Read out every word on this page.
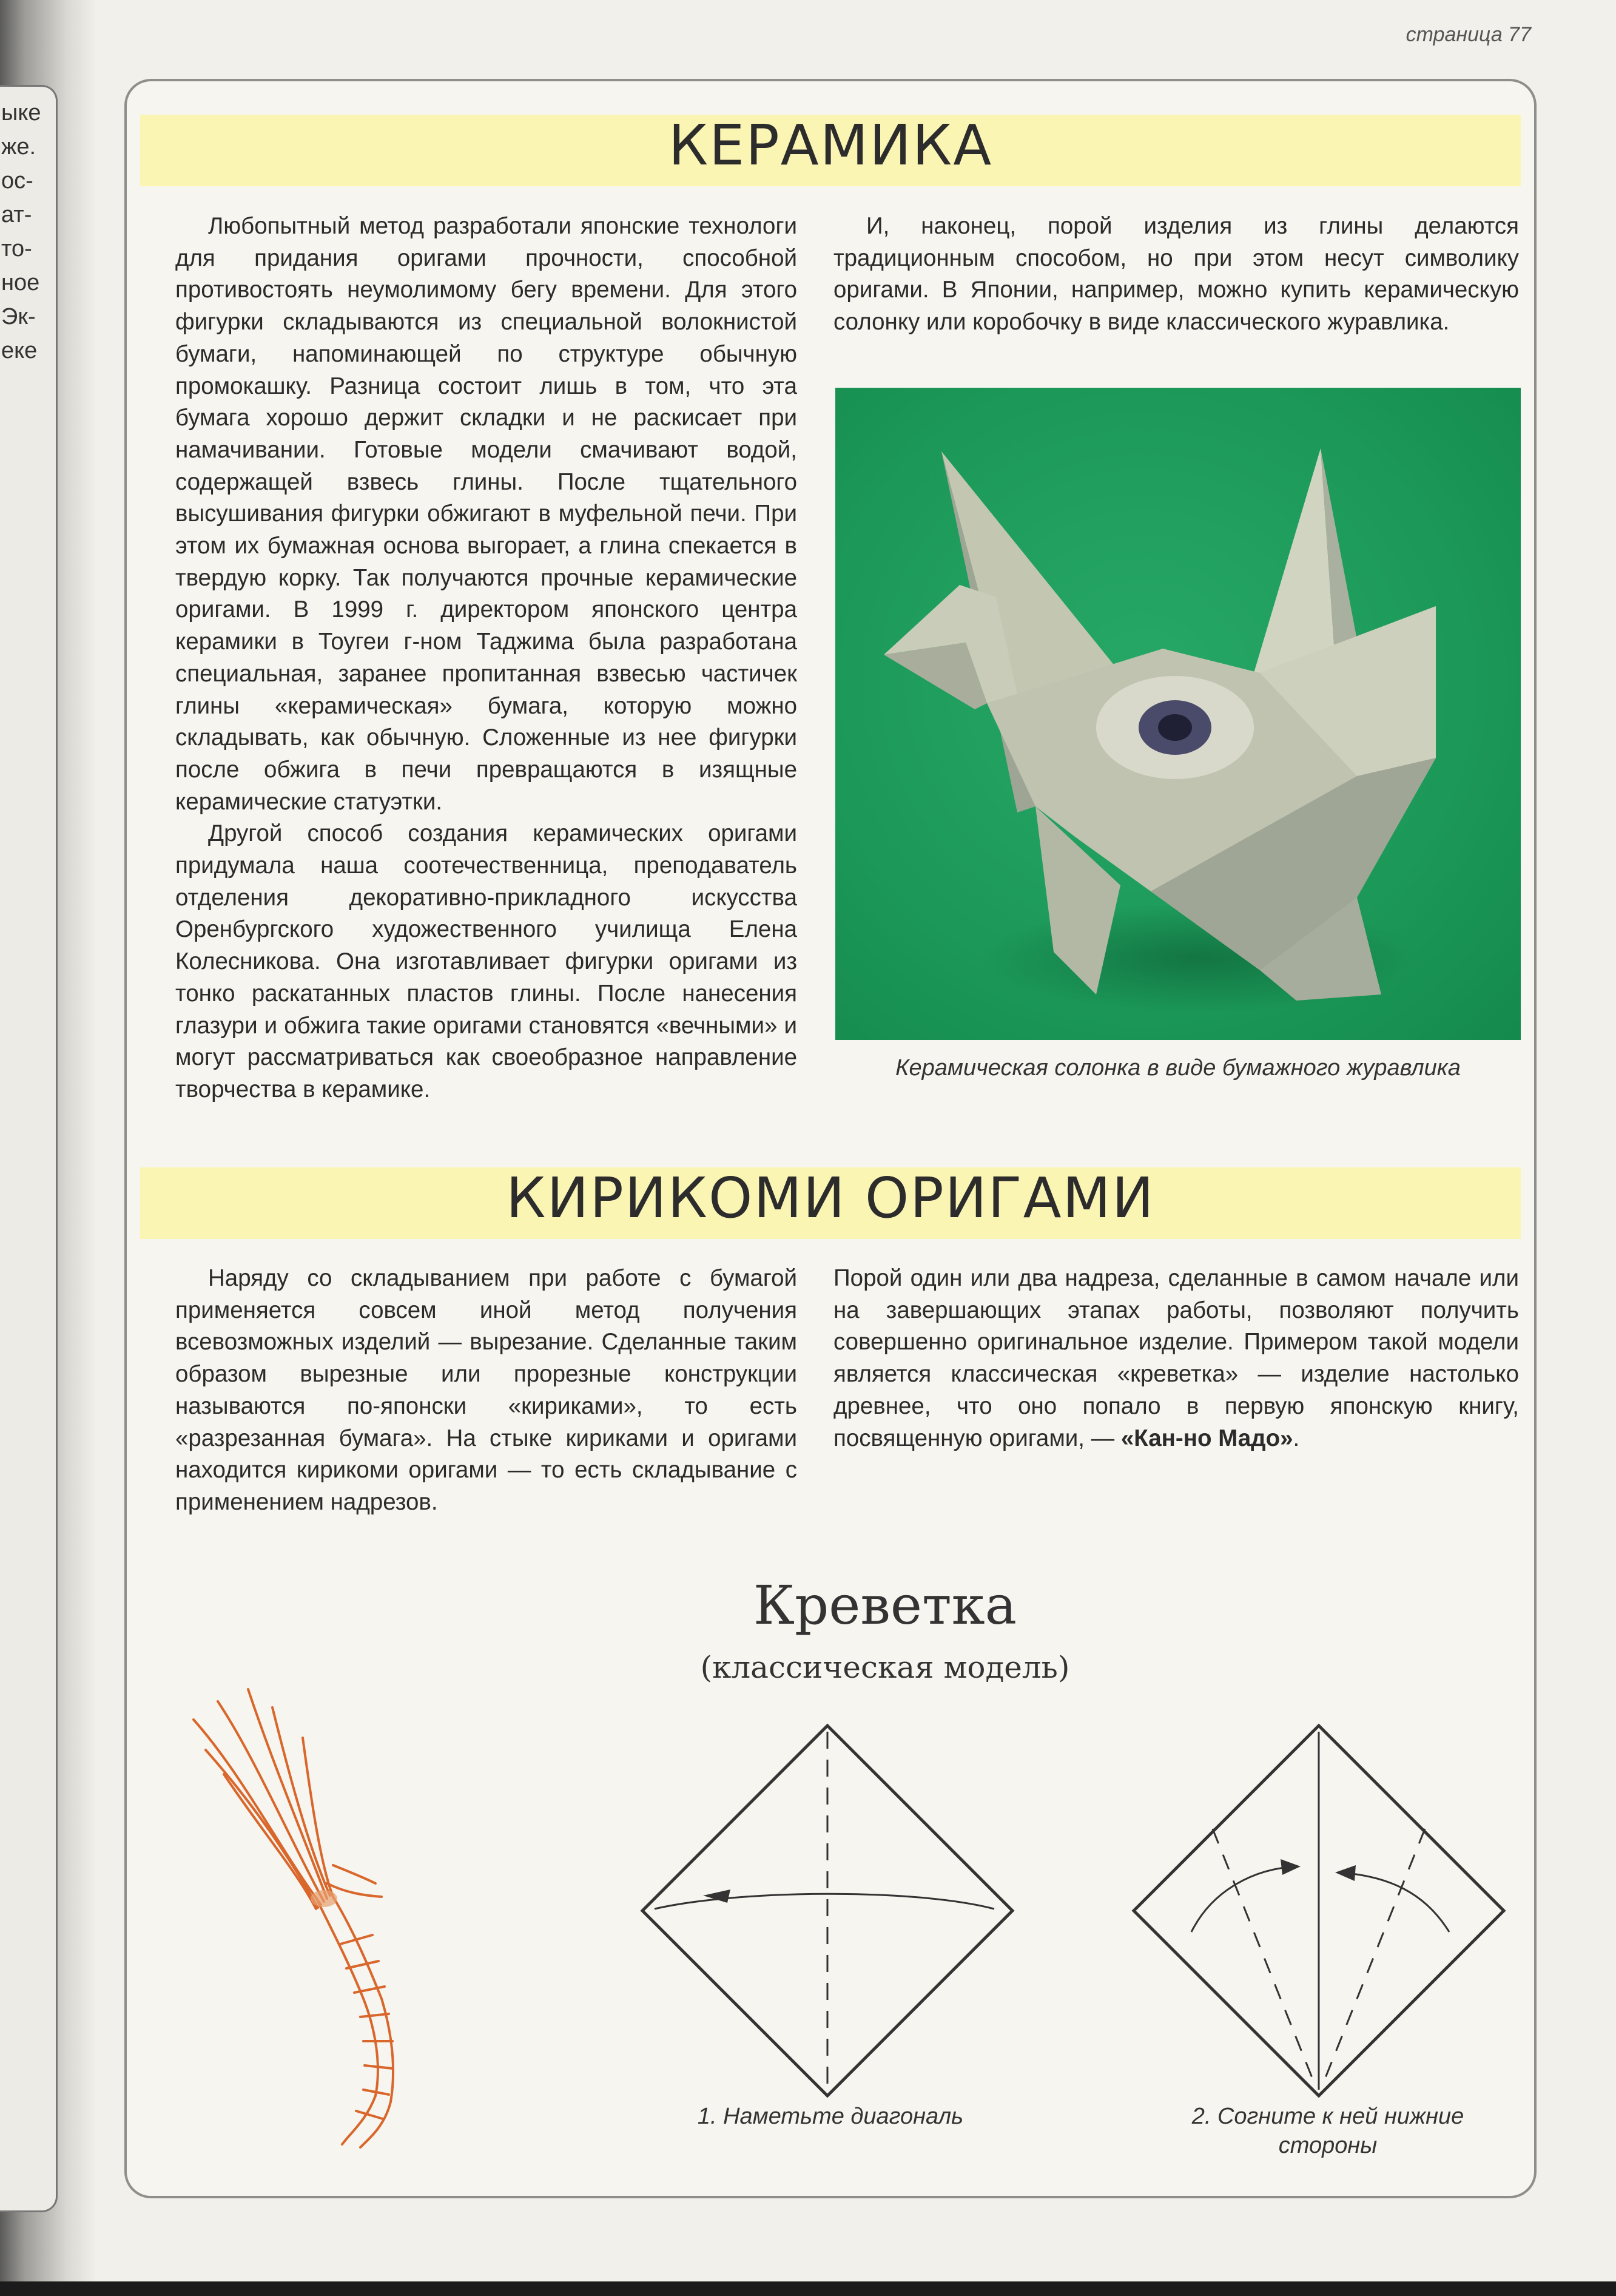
ыке
же.
ос-
ат-
то-
ное
Эк-
еке
страница 77
КЕРАМИКА

Любопытный метод разработали японские технологи для придания оригами прочности, способной противостоять неумолимому бегу времени. Для этого фигурки складываются из специальной волокнистой бумаги, напоминающей по структуре обычную промокашку. Разница состоит лишь в том, что эта бумага хорошо держит складки и не раскисает при намачивании. Готовые модели смачивают водой, содержащей взвесь глины. После тщательного высушивания фигурки обжигают в муфельной печи. При этом их бумажная основа выгорает, а глина спекается в твердую корку. Так получаются прочные керамические оригами. В 1999 г. директором японского центра керамики в Тоугеи г-ном Таджима была разработана специальная, заранее пропитанная взвесью частичек глины «керамическая» бумага, которую можно складывать, как обычную. Сложенные из нее фигурки после обжига в печи превращаются в изящные керамические статуэтки.

Другой способ создания керамических оригами придумала наша соотечественница, преподаватель отделения декоративно-прикладного искусства Оренбургского художественного училища Елена Колесникова. Она изготавливает фигурки оригами из тонко раскатанных пластов глины. После нанесения глазури и обжига такие оригами становятся «вечными» и могут рассматриваться как своеобразное направление творчества в керамике.

И, наконец, порой изделия из глины делаются традиционным способом, но при этом несут символику оригами. В Японии, например, можно купить керамическую солонку или коробочку в виде классического журавлика.

Керамическая солонка в виде бумажного журавлика
КИРИКОМИ ОРИГАМИ

Наряду со складыванием при работе с бумагой применяется совсем иной метод получения всевозможных изделий — вырезание. Сделанные таким образом вырезные или прорезные конструкции называются по-японски «кириками», то есть «разрезанная бумага». На стыке кириками и оригами находится кирикоми оригами — то есть складывание с применением надрезов.

Порой один или два надреза, сделанные в самом начале или на завершающих этапах работы, позволяют получить совершенно оригинальное изделие. Примером такой модели является классическая «креветка» — изделие настолько древнее, что оно попало в первую японскую книгу, посвященную оригами, — «Кан-но Мадо».

Креветка
(классическая модель)
1. Наметьте диагональ	2. Согните к ней нижние стороны
